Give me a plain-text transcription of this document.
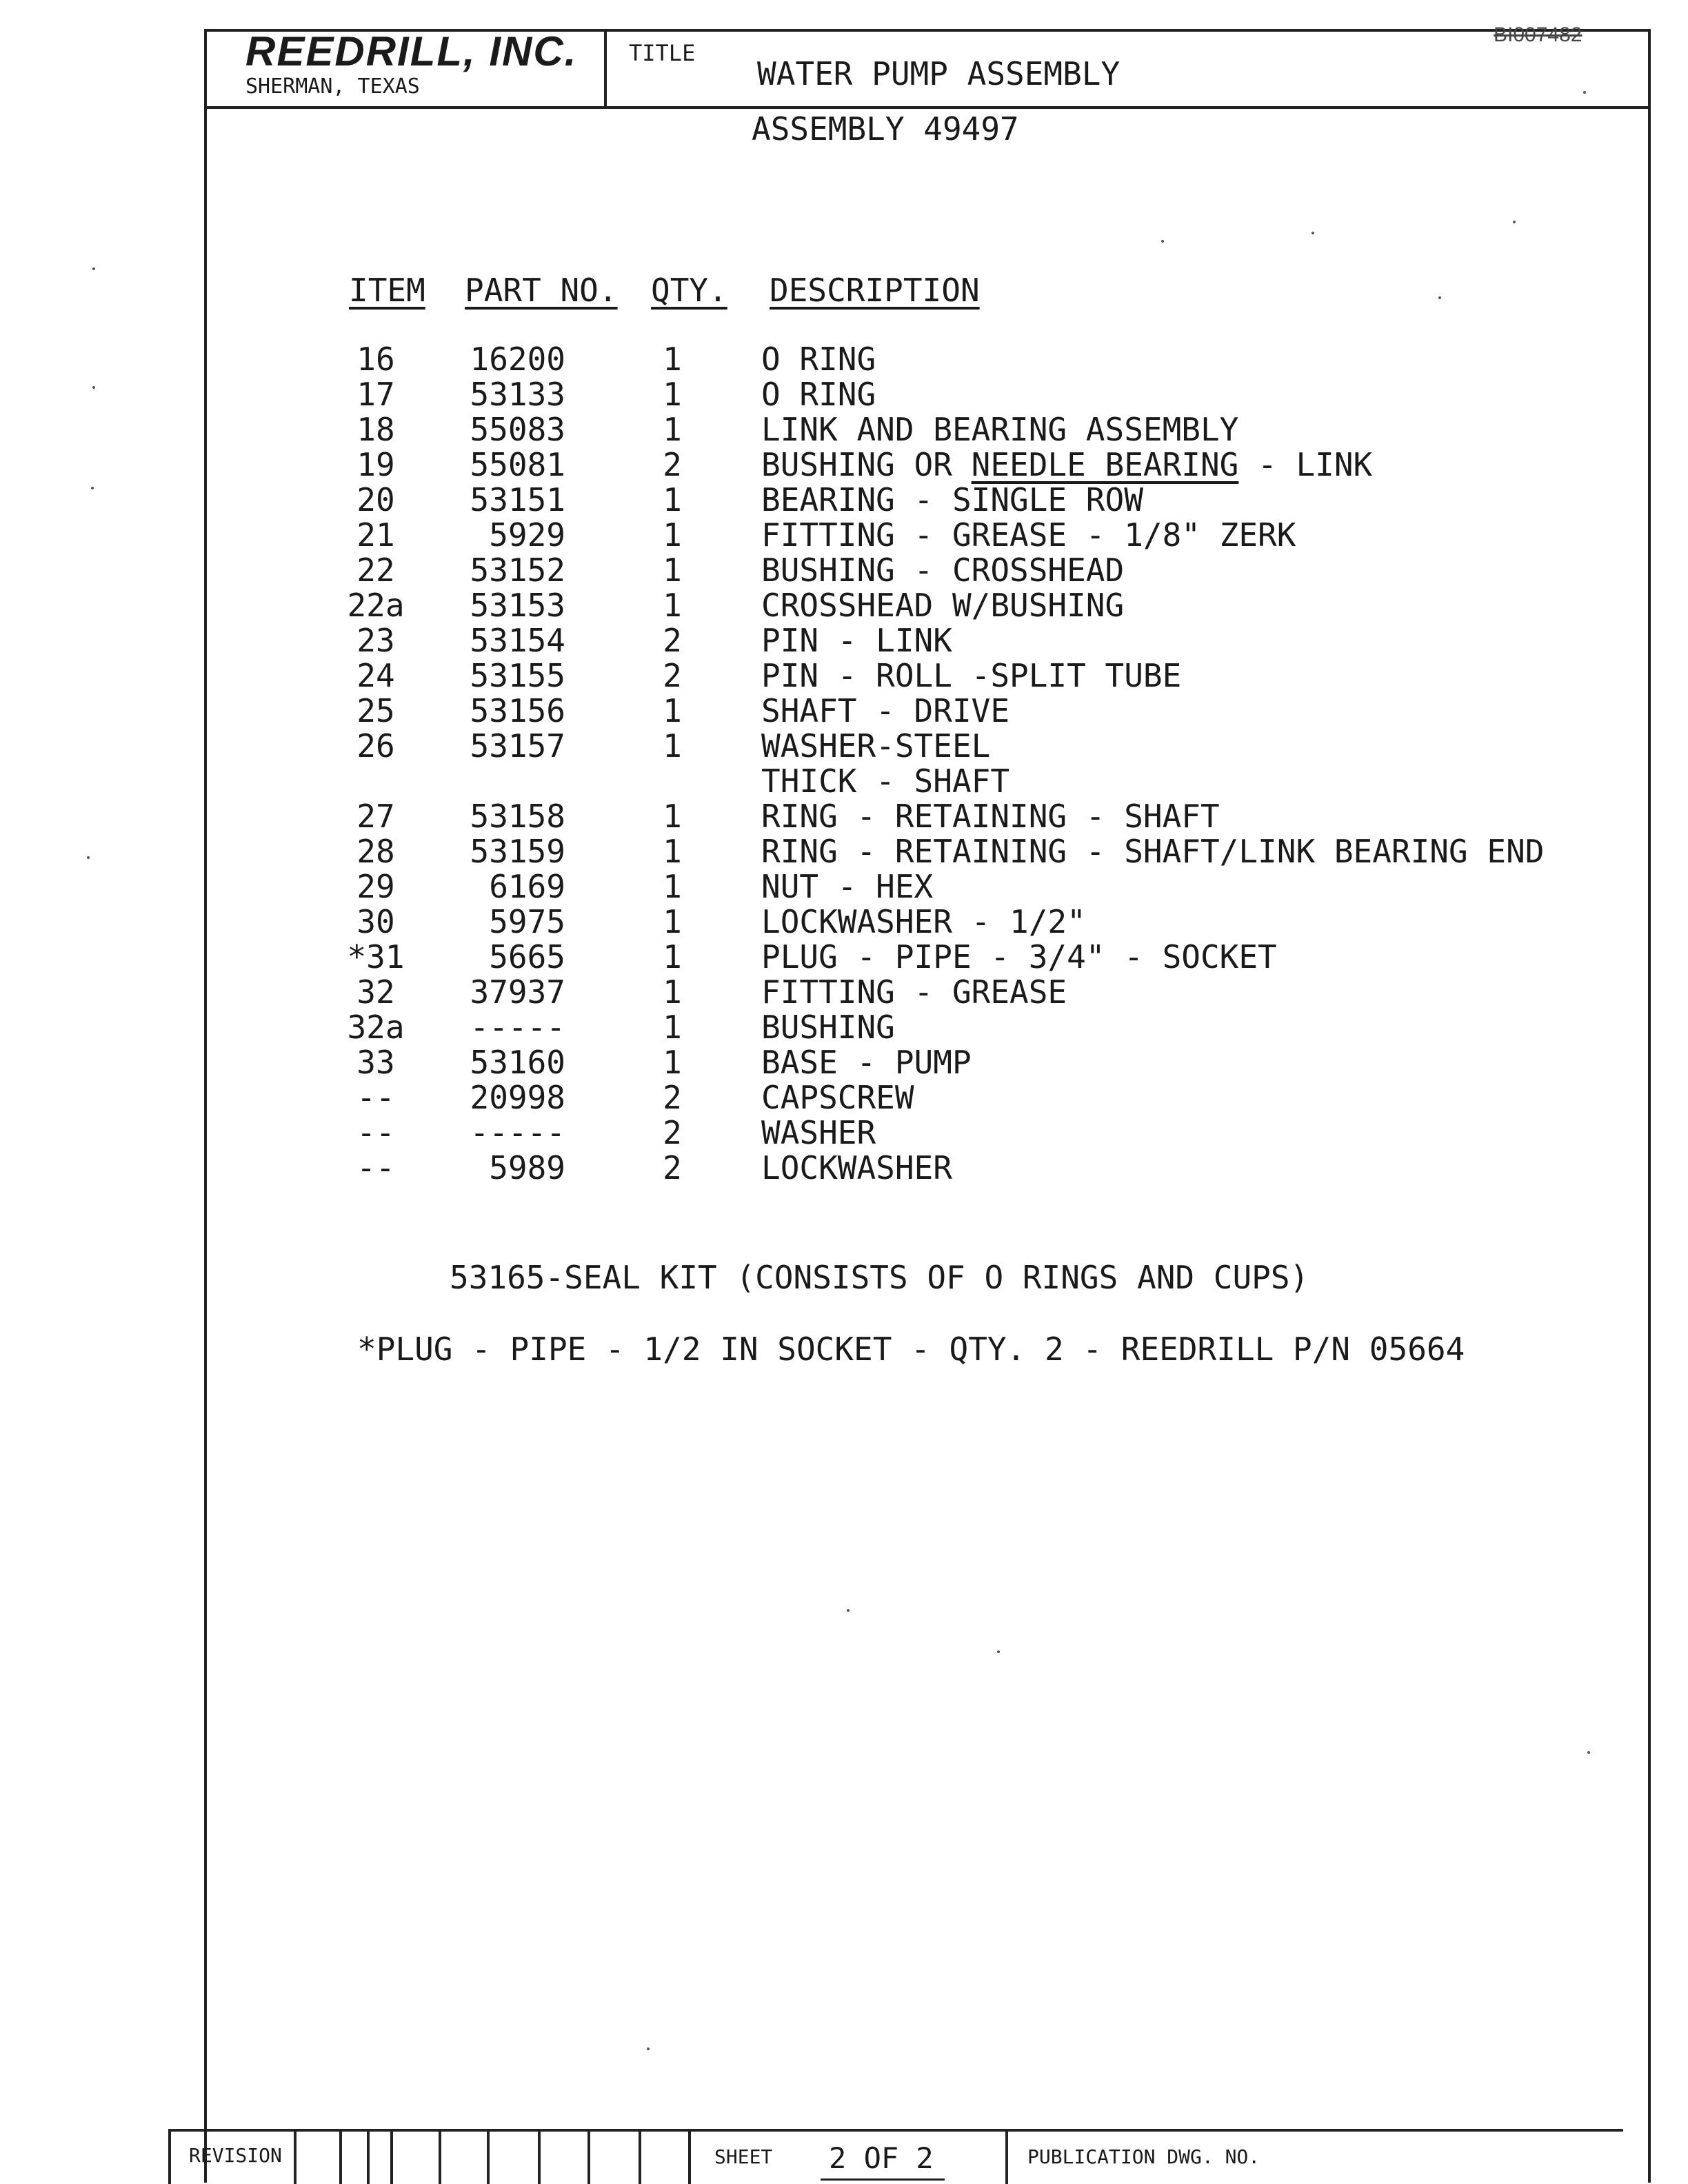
BI007482
REEDRILL, INC.
SHERMAN, TEXAS
TITLE
WATER PUMP ASSEMBLY
ASSEMBLY 49497
ITEM PART NO. QTY. DESCRIPTION
16	16200	1	O RING
17	53133	1	O RING
18	55083	1	LINK AND BEARING ASSEMBLY
19	55081	2	BUSHING OR NEEDLE BEARING - LINK
20	53151	1	BEARING - SINGLE ROW
21	5929	1	FITTING - GREASE - 1/8" ZERK
22	53152	1	BUSHING - CROSSHEAD
22a	53153	1	CROSSHEAD W/BUSHING
23	53154	2	PIN - LINK
24	53155	2	PIN - ROLL -SPLIT TUBE
25	53156	1	SHAFT - DRIVE
26	53157	1	WASHER-STEEL
THICK - SHAFT
27	53158	1	RING - RETAINING - SHAFT
28	53159	1	RING - RETAINING - SHAFT/LINK BEARING END
29	6169	1	NUT - HEX
30	5975	1	LOCKWASHER - 1/2"
*31	5665	1	PLUG - PIPE - 3/4" - SOCKET
32	37937	1	FITTING - GREASE
32a	-----	1	BUSHING
33	53160	1	BASE - PUMP
--	20998	2	CAPSCREW
--	-----	2	WASHER
--	5989	2	LOCKWASHER
53165-SEAL KIT (CONSISTS OF O RINGS AND CUPS)
*PLUG - PIPE - 1/2 IN SOCKET - QTY. 2 - REEDRILL P/N 05664
REVISION	SHEET 2 OF 2	PUBLICATION DWG. NO.
